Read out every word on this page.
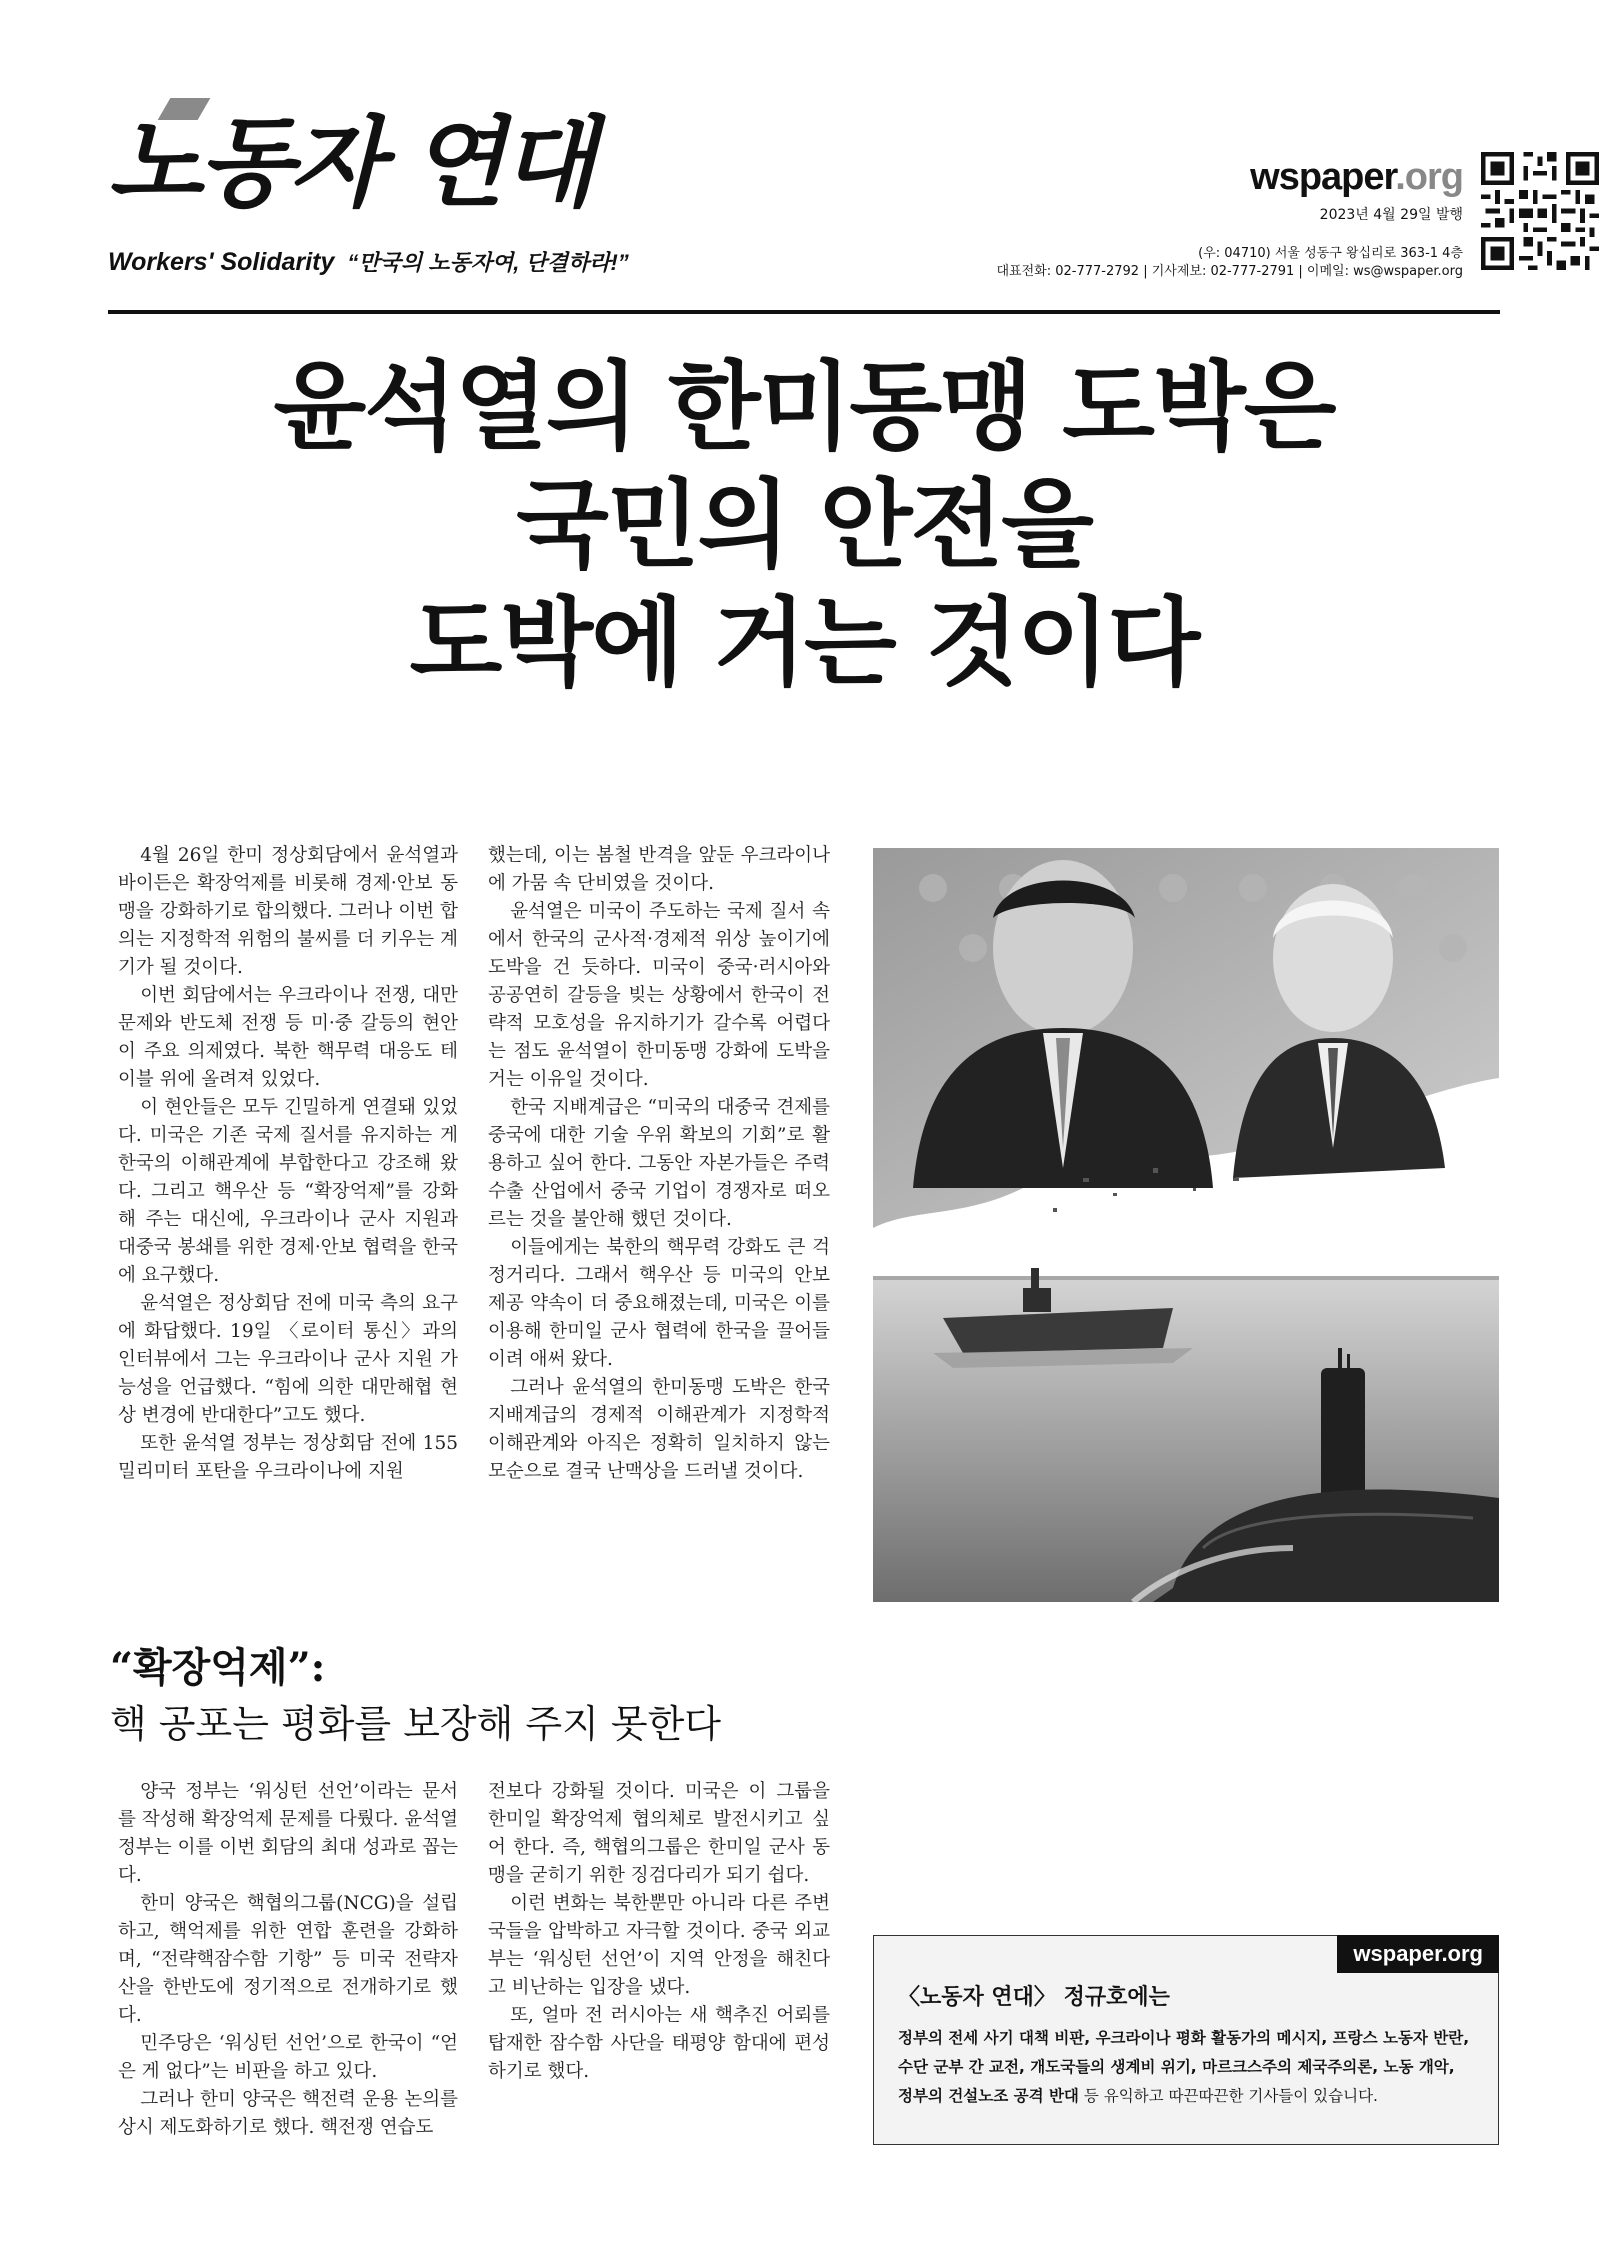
노동자 연대
Workers' Solidarity “만국의 노동자여, 단결하라!”
wspaper.org
2023년 4월 29일 발행
(우: 04710) 서울 성동구 왕십리로 363-1 4층
대표전화: 02-777-2792 | 기사제보: 02-777-2791 | 이메일: ws@wspaper.org
윤석열의 한미동맹 도박은
국민의 안전을
도박에 거는 것이다

4월 26일 한미 정상회담에서 윤석열과 바이든은 확장억제를 비롯해 경제·안보 동맹을 강화하기로 합의했다. 그러나 이번 합의는 지정학적 위험의 불씨를 더 키우는 계기가 될 것이다.

이번 회담에서는 우크라이나 전쟁, 대만 문제와 반도체 전쟁 등 미·중 갈등의 현안이 주요 의제였다. 북한 핵무력 대응도 테이블 위에 올려져 있었다.

이 현안들은 모두 긴밀하게 연결돼 있었다. 미국은 기존 국제 질서를 유지하는 게 한국의 이해관계에 부합한다고 강조해 왔다. 그리고 핵우산 등 “확장억제”를 강화해 주는 대신에, 우크라이나 군사 지원과 대중국 봉쇄를 위한 경제·안보 협력을 한국에 요구했다.

윤석열은 정상회담 전에 미국 측의 요구에 화답했다. 19일 〈로이터 통신〉과의 인터뷰에서 그는 우크라이나 군사 지원 가능성을 언급했다. “힘에 의한 대만해협 현상 변경에 반대한다”고도 했다.

또한 윤석열 정부는 정상회담 전에 155밀리미터 포탄을 우크라이나에 지원

했는데, 이는 봄철 반격을 앞둔 우크라이나에 가뭄 속 단비였을 것이다.

윤석열은 미국이 주도하는 국제 질서 속에서 한국의 군사적·경제적 위상 높이기에 도박을 건 듯하다. 미국이 중국·러시아와 공공연히 갈등을 빚는 상황에서 한국이 전략적 모호성을 유지하기가 갈수록 어렵다는 점도 윤석열이 한미동맹 강화에 도박을 거는 이유일 것이다.

한국 지배계급은 “미국의 대중국 견제를 중국에 대한 기술 우위 확보의 기회”로 활용하고 싶어 한다. 그동안 자본가들은 주력 수출 산업에서 중국 기업이 경쟁자로 떠오르는 것을 불안해 했던 것이다.

이들에게는 북한의 핵무력 강화도 큰 걱정거리다. 그래서 핵우산 등 미국의 안보 제공 약속이 더 중요해졌는데, 미국은 이를 이용해 한미일 군사 협력에 한국을 끌어들이려 애써 왔다.

그러나 윤석열의 한미동맹 도박은 한국 지배계급의 경제적 이해관계가 지정학적 이해관계와 아직은 정확히 일치하지 않는 모순으로 결국 난맥상을 드러낼 것이다.

“확장억제”:
핵 공포는 평화를 보장해 주지 못한다

양국 정부는 ‘워싱턴 선언’이라는 문서를 작성해 확장억제 문제를 다뤘다. 윤석열 정부는 이를 이번 회담의 최대 성과로 꼽는다.

한미 양국은 핵협의그룹(NCG)을 설립하고, 핵억제를 위한 연합 훈련을 강화하며, “전략핵잠수함 기항” 등 미국 전략자산을 한반도에 정기적으로 전개하기로 했다.

민주당은 ‘워싱턴 선언’으로 한국이 “얻은 게 없다”는 비판을 하고 있다.

그러나 한미 양국은 핵전력 운용 논의를 상시 제도화하기로 했다. 핵전쟁 연습도

전보다 강화될 것이다. 미국은 이 그룹을 한미일 확장억제 협의체로 발전시키고 싶어 한다. 즉, 핵협의그룹은 한미일 군사 동맹을 굳히기 위한 징검다리가 되기 쉽다.

이런 변화는 북한뿐만 아니라 다른 주변국들을 압박하고 자극할 것이다. 중국 외교부는 ‘워싱턴 선언’이 지역 안정을 해친다고 비난하는 입장을 냈다.

또, 얼마 전 러시아는 새 핵추진 어뢰를 탑재한 잠수함 사단을 태평양 함대에 편성하기로 했다.

wspaper.org
〈노동자 연대〉 정규호에는
정부의 전세 사기 대책 비판, 우크라이나 평화 활동가의 메시지, 프랑스 노동자 반란, 수단 군부 간 교전, 개도국들의 생계비 위기, 마르크스주의 제국주의론, 노동 개악, 정부의 건설노조 공격 반대 등 유익하고 따끈따끈한 기사들이 있습니다.
